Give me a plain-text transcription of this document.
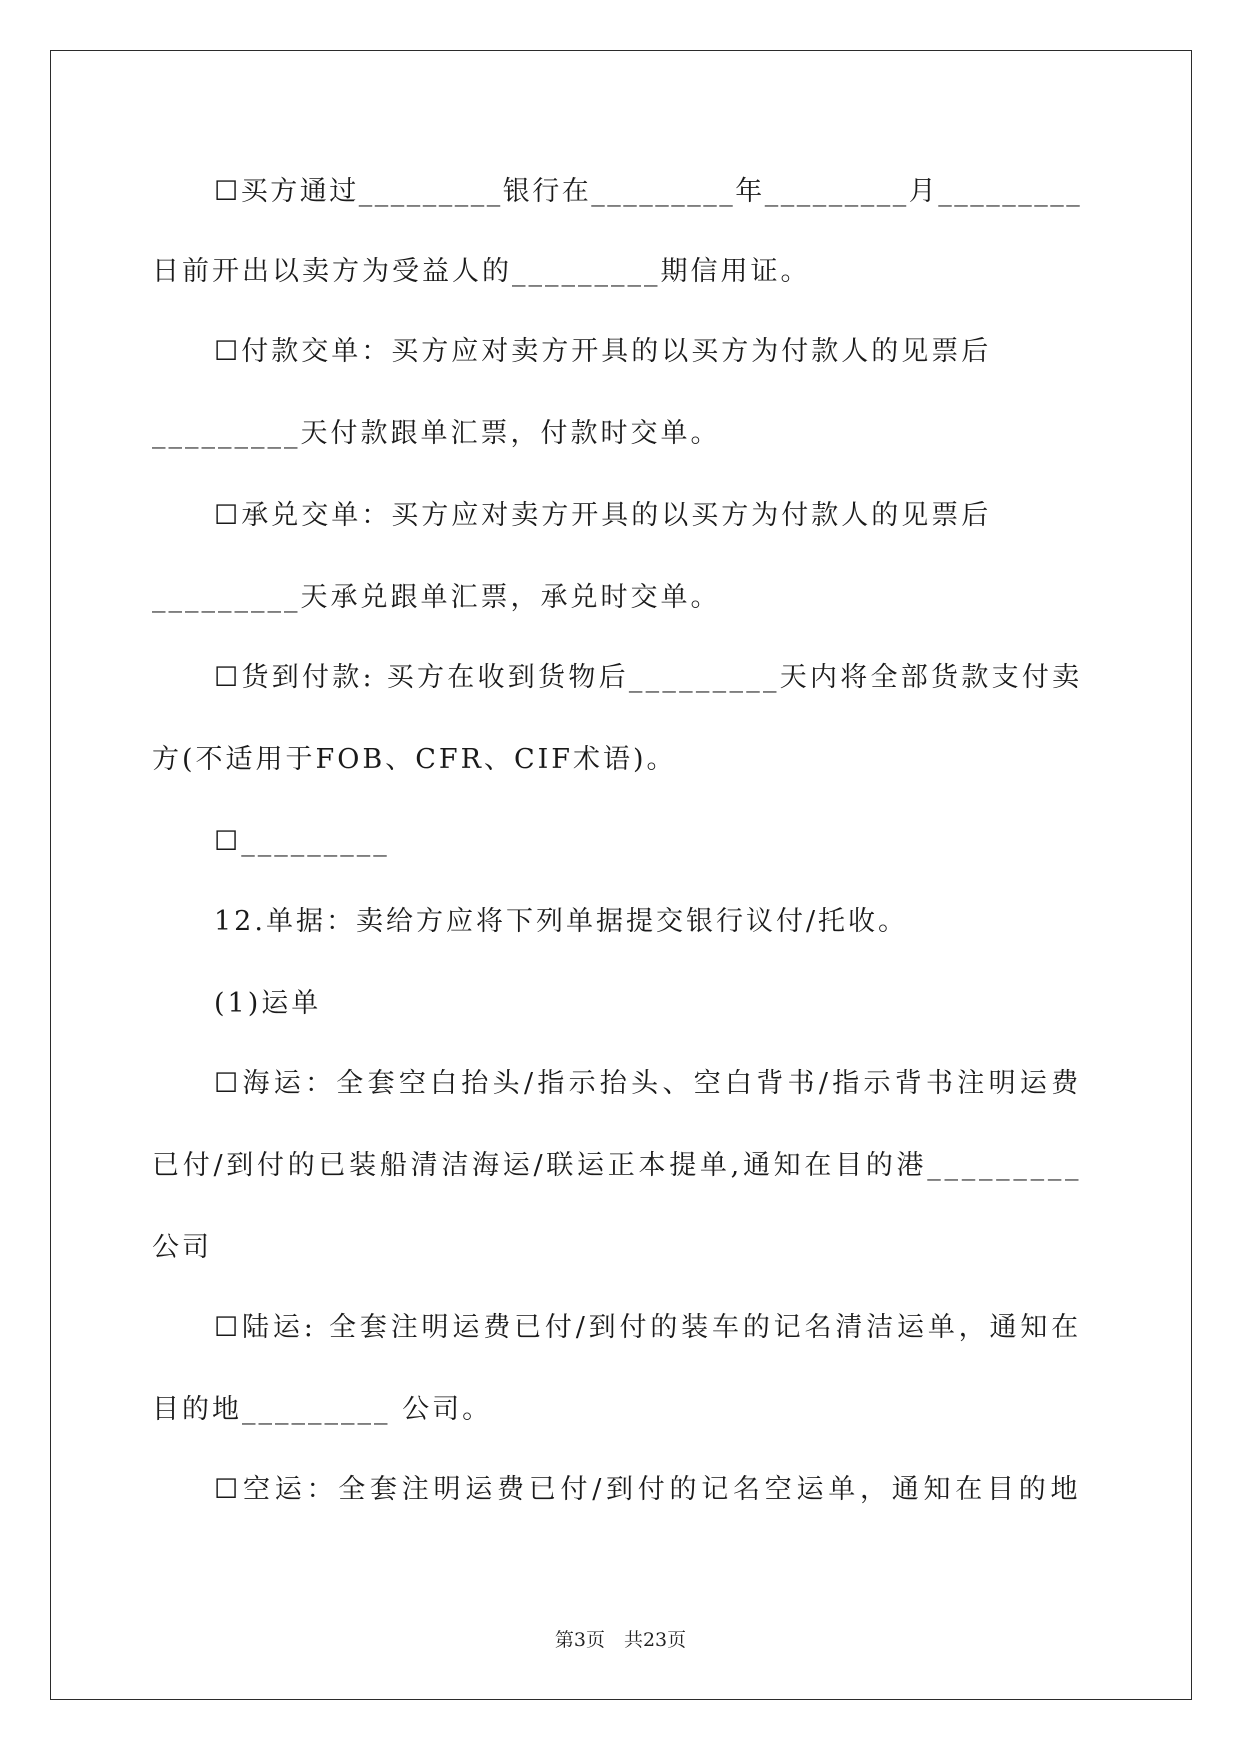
☐买方通过_________银行在_________年_________月_________
日前开出以卖方为受益人的_________期信用证。
☐付款交单：买方应对卖方开具的以买方为付款人的见票后
_________天付款跟单汇票，付款时交单。
☐承兑交单：买方应对卖方开具的以买方为付款人的见票后
_________天承兑跟单汇票，承兑时交单。
☐货到付款: 买方在收到货物后_________天内将全部货款支付卖
方(不适用于FOB、CFR、CIF术语)。
☐_________
12.单据：卖给方应将下列单据提交银行议付/托收。
(1)运单
☐海运：全套空白抬头/指示抬头、空白背书/指示背书注明运费
已付/到付的已装船清洁海运/联运正本提单,通知在目的港_________
公司
☐陆运: 全套注明运费已付/到付的装车的记名清洁运单，通知在
目的地_________ 公司。
☐空运：全套注明运费已付/到付的记名空运单，通知在目的地
第3页　共23页
